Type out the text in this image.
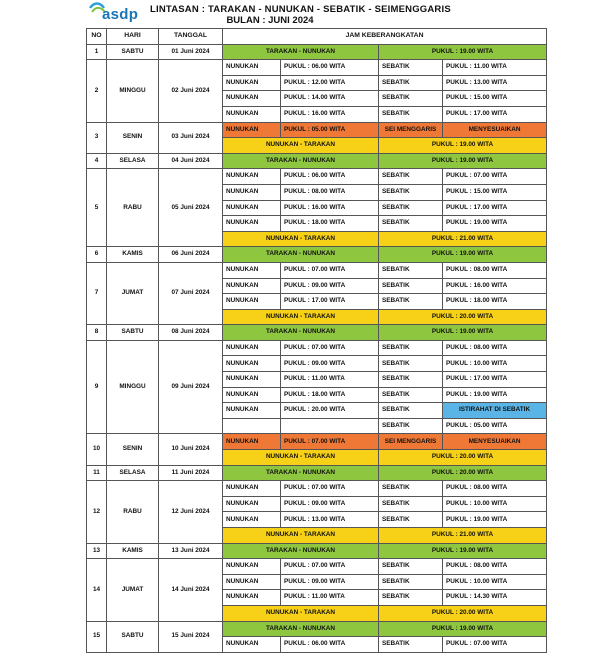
asdp LINTASAN : TARAKAN - NUNUKAN - SEBATIK - SEIMENGGARIS
BULAN : JUNI 2024
NO	HARI	TANGGAL	JAM KEBERANGKATAN			
1	SABTU	01 Juni 2024	TARAKAN - NUNUKAN		PUKUL : 19.00 WITA	
2	MINGGU	02 Juni 2024	NUNUKAN	PUKUL : 06.00 WITA	SEBATIK	PUKUL : 11.00 WITA
			NUNUKAN	PUKUL : 12.00 WITA	SEBATIK	PUKUL : 13.00 WITA
			NUNUKAN	PUKUL : 14.00 WITA	SEBATIK	PUKUL : 15.00 WITA
			NUNUKAN	PUKUL : 16.00 WITA	SEBATIK	PUKUL : 17.00 WITA
3	SENIN	03 Juni 2024	NUNUKAN	PUKUL : 05.00 WITA	SEI MENGGARIS	MENYESUAIKAN
			NUNUKAN - TARAKAN		PUKUL : 19.00 WITA	
4	SELASA	04 Juni 2024	TARAKAN - NUNUKAN		PUKUL : 19.00 WITA	
5	RABU	05 Juni 2024	NUNUKAN	PUKUL : 06.00 WITA	SEBATIK	PUKUL : 07.00 WITA
			NUNUKAN	PUKUL : 08.00 WITA	SEBATIK	PUKUL : 15.00 WITA
			NUNUKAN	PUKUL : 16.00 WITA	SEBATIK	PUKUL : 17.00 WITA
			NUNUKAN	PUKUL : 18.00 WITA	SEBATIK	PUKUL : 19.00 WITA
			NUNUKAN - TARAKAN		PUKUL : 21.00 WITA	
6	KAMIS	06 Juni 2024	TARAKAN - NUNUKAN		PUKUL : 19.00 WITA	
7	JUMAT	07 Juni 2024	NUNUKAN	PUKUL : 07.00 WITA	SEBATIK	PUKUL : 08.00 WITA
			NUNUKAN	PUKUL : 09.00 WITA	SEBATIK	PUKUL : 16.00 WITA
			NUNUKAN	PUKUL : 17.00 WITA	SEBATIK	PUKUL : 18.00 WITA
			NUNUKAN - TARAKAN		PUKUL : 20.00 WITA	
8	SABTU	08 Juni 2024	TARAKAN - NUNUKAN		PUKUL : 19.00 WITA	
9	MINGGU	09 Juni 2024	NUNUKAN	PUKUL : 07.00 WITA	SEBATIK	PUKUL : 08.00 WITA
			NUNUKAN	PUKUL : 09.00 WITA	SEBATIK	PUKUL : 10.00 WITA
			NUNUKAN	PUKUL : 11.00 WITA	SEBATIK	PUKUL : 17.00 WITA
			NUNUKAN	PUKUL : 18.00 WITA	SEBATIK	PUKUL : 19.00 WITA
			NUNUKAN	PUKUL : 20.00 WITA	SEBATIK	ISTIRAHAT DI SEBATIK
					SEBATIK	PUKUL : 05.00 WITA
10	SENIN	10 Juni 2024	NUNUKAN	PUKUL : 07.00 WITA	SEI MENGGARIS	MENYESUAIKAN
			NUNUKAN - TARAKAN		PUKUL : 20.00 WITA	
11	SELASA	11 Juni 2024	TARAKAN - NUNUKAN		PUKUL : 20.00 WITA	
12	RABU	12 Juni 2024	NUNUKAN	PUKUL : 07.00 WITA	SEBATIK	PUKUL : 08.00 WITA
			NUNUKAN	PUKUL : 09.00 WITA	SEBATIK	PUKUL : 10.00 WITA
			NUNUKAN	PUKUL : 13.00 WITA	SEBATIK	PUKUL : 19.00 WITA
			NUNUKAN - TARAKAN		PUKUL : 21.00 WITA	
13	KAMIS	13 Juni 2024	TARAKAN - NUNUKAN		PUKUL : 19.00 WITA	
14	JUMAT	14 Juni 2024	NUNUKAN	PUKUL : 07.00 WITA	SEBATIK	PUKUL : 08.00 WITA
			NUNUKAN	PUKUL : 09.00 WITA	SEBATIK	PUKUL : 10.00 WITA
			NUNUKAN	PUKUL : 11.00 WITA	SEBATIK	PUKUL : 14.30 WITA
			NUNUKAN - TARAKAN		PUKUL : 20.00 WITA	
15	SABTU	15 Juni 2024	TARAKAN - NUNUKAN		PUKUL : 19.00 WITA	
			NUNUKAN	PUKUL : 06.00 WITA	SEBATIK	PUKUL : 07.00 WITA
